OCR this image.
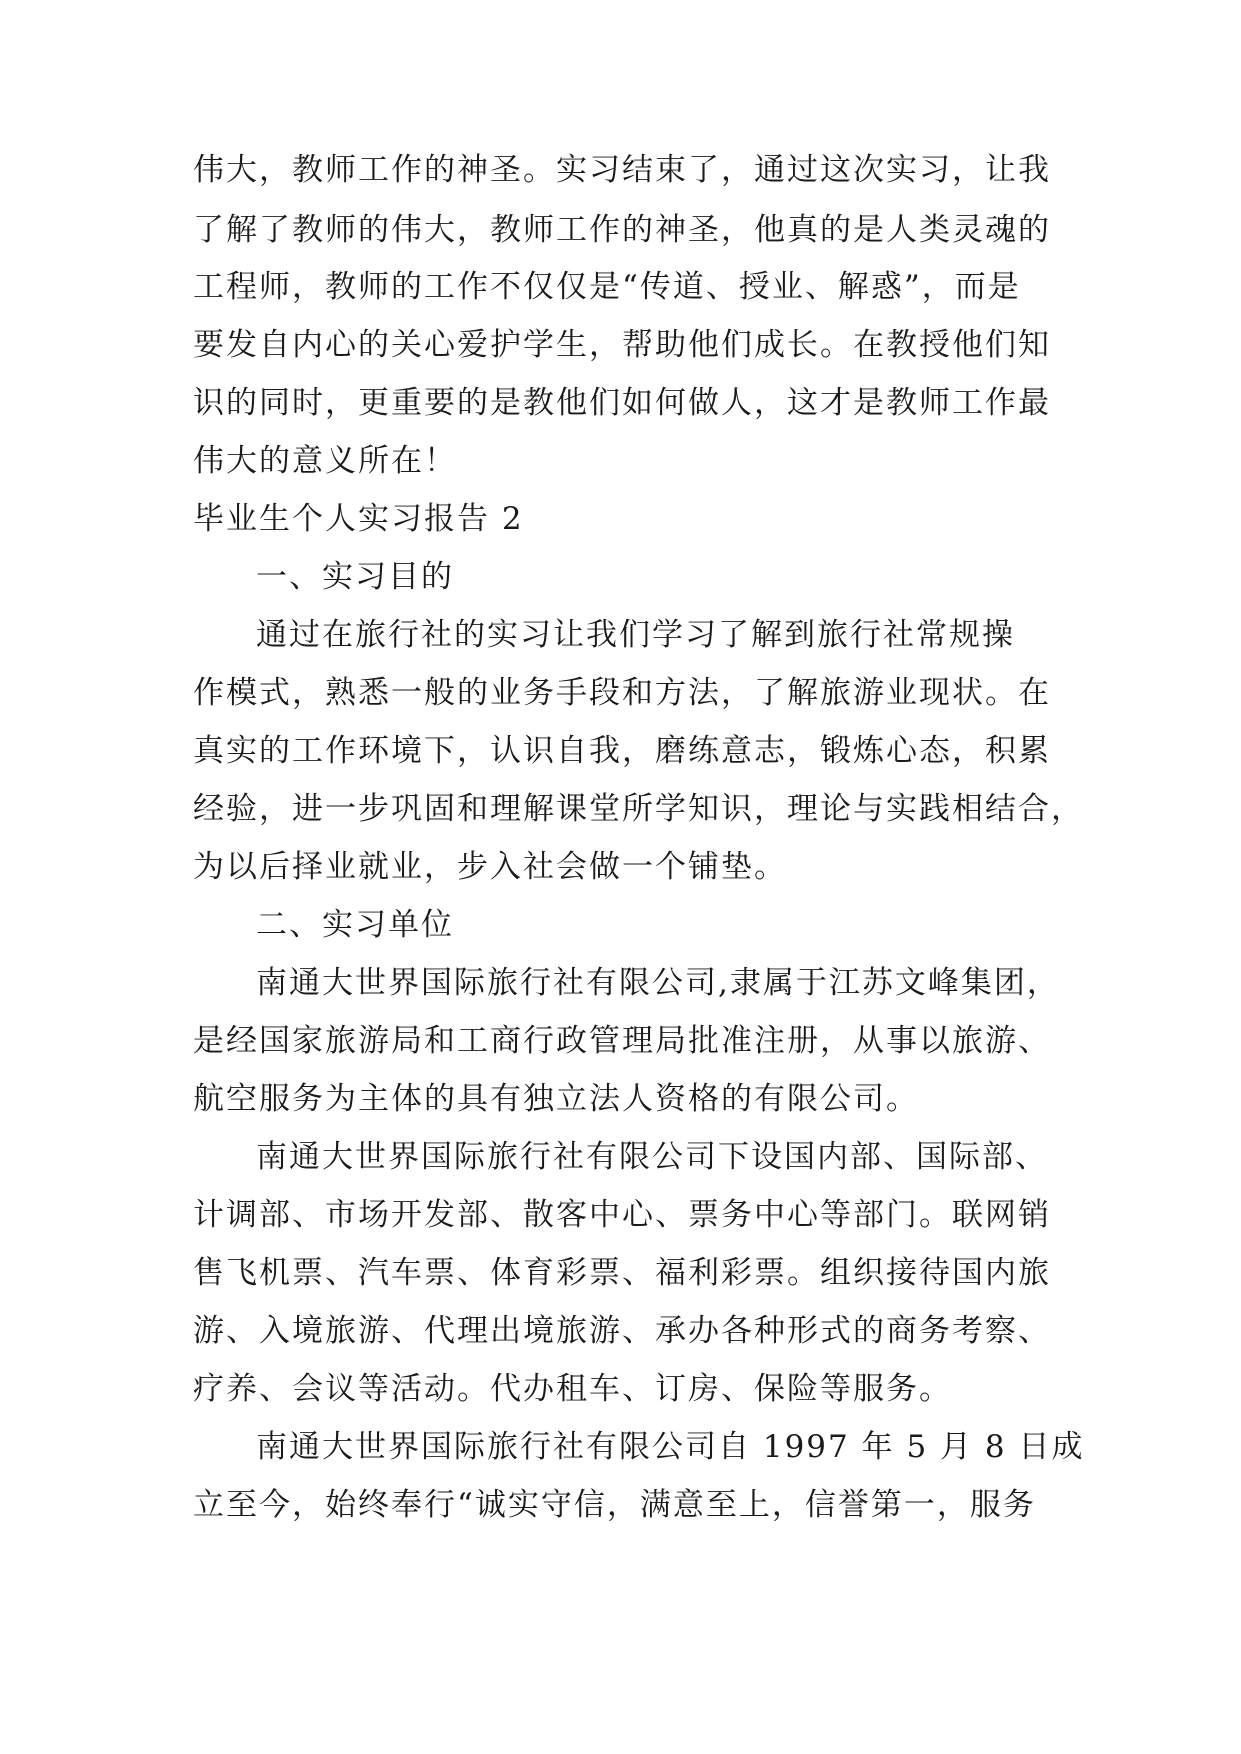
伟大，教师工作的神圣。实习结束了，通过这次实习，让我
了解了教师的伟大，教师工作的神圣，他真的是人类灵魂的
工程师，教师的工作不仅仅是“传道、授业、解惑”，而是
要发自内心的关心爱护学生，帮助他们成长。在教授他们知
识的同时，更重要的是教他们如何做人，这才是教师工作最
伟大的意义所在！
毕业生个人实习报告 2
一、实习目的
通过在旅行社的实习让我们学习了解到旅行社常规操
作模式，熟悉一般的业务手段和方法，了解旅游业现状。在
真实的工作环境下，认识自我，磨练意志，锻炼心态，积累
经验，进一步巩固和理解课堂所学知识，理论与实践相结合，
为以后择业就业，步入社会做一个铺垫。
二、实习单位
南通大世界国际旅行社有限公司,隶属于江苏文峰集团，
是经国家旅游局和工商行政管理局批准注册，从事以旅游、
航空服务为主体的具有独立法人资格的有限公司。
南通大世界国际旅行社有限公司下设国内部、国际部、
计调部、市场开发部、散客中心、票务中心等部门。联网销
售飞机票、汽车票、体育彩票、福利彩票。组织接待国内旅
游、入境旅游、代理出境旅游、承办各种形式的商务考察、
疗养、会议等活动。代办租车、订房、保险等服务。
南通大世界国际旅行社有限公司自 1997 年 5 月 8 日成
立至今，始终奉行“诚实守信，满意至上，信誉第一，服务
